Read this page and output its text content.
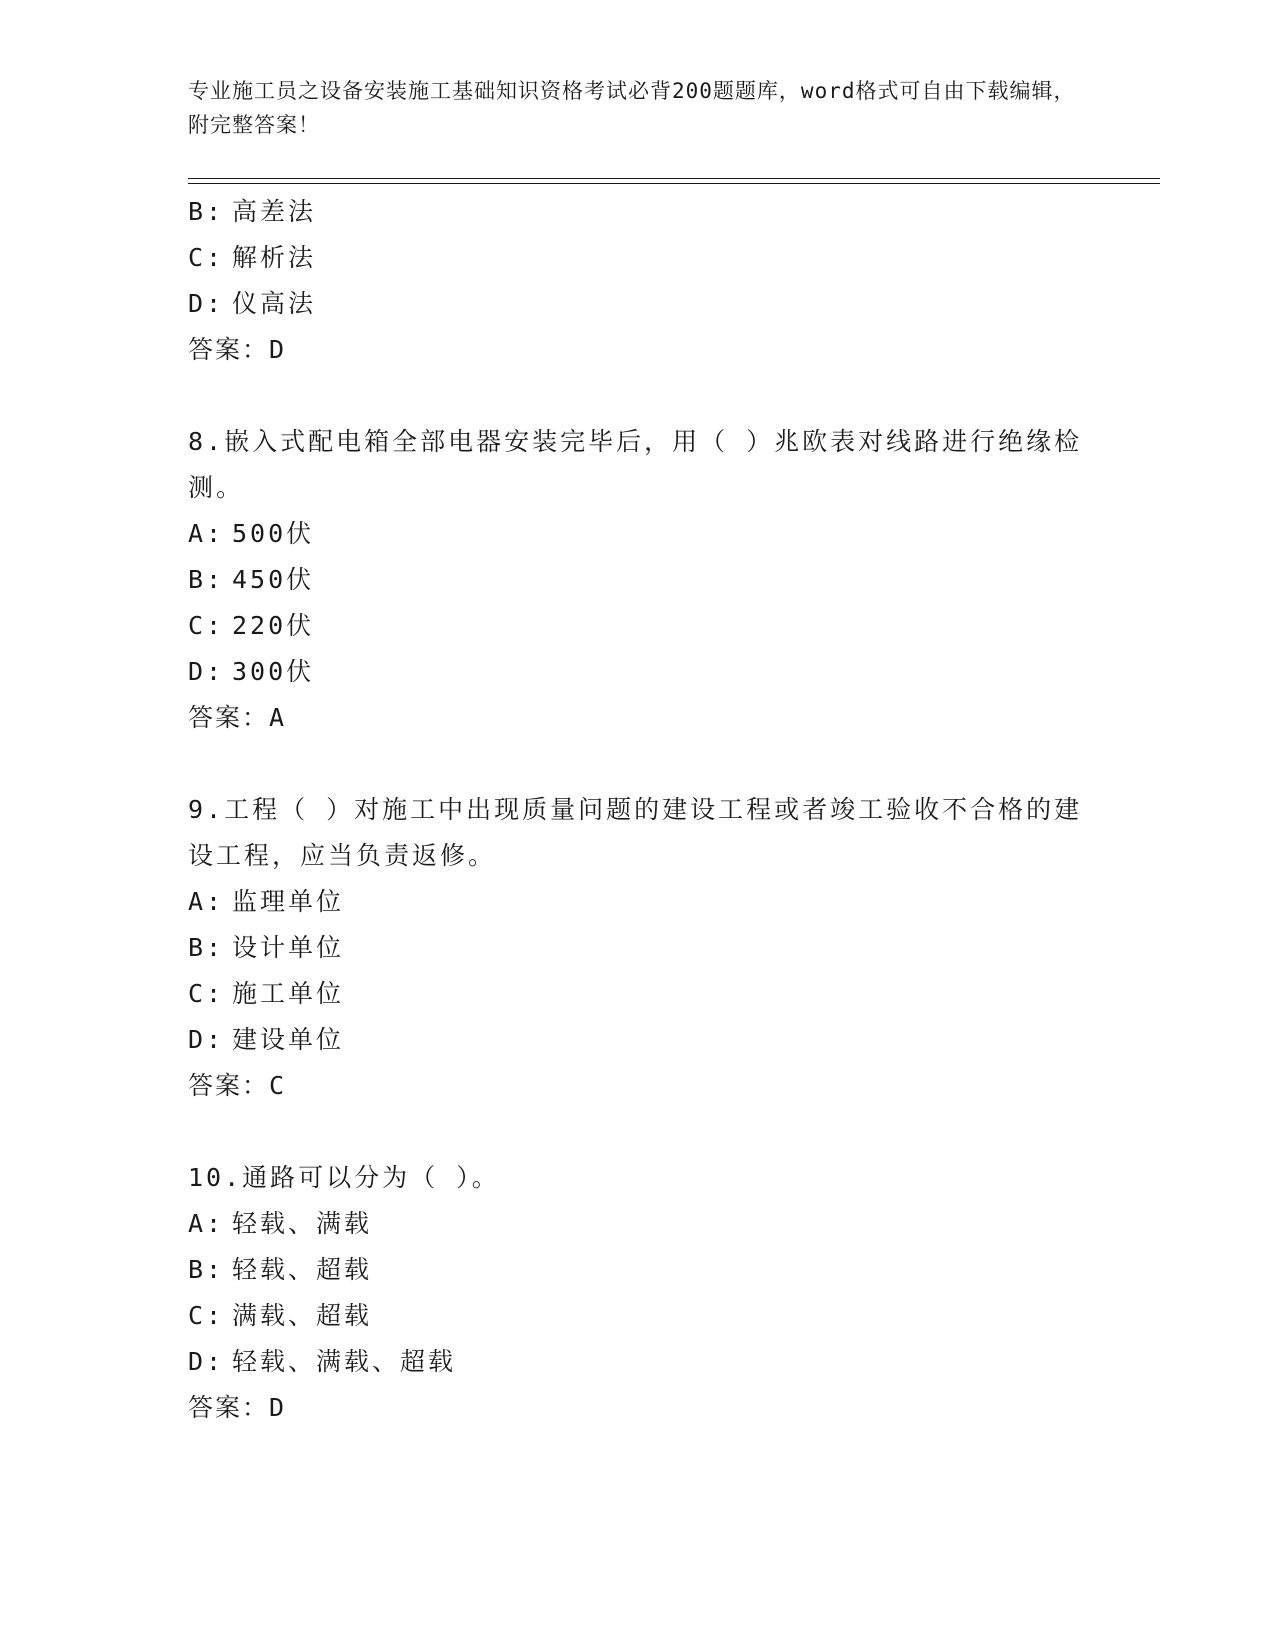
专业施工员之设备安装施工基础知识资格考试必背200题题库，word格式可自由下载编辑，附完整答案！
B: 高差法
C: 解析法
D: 仪高法
答案：D
8.嵌入式配电箱全部电器安装完毕后，用（ ）兆欧表对线路进行绝缘检测。
A: 500伏
B: 450伏
C: 220伏
D: 300伏
答案：A
9.工程（ ）对施工中出现质量问题的建设工程或者竣工验收不合格的建设工程，应当负责返修。
A: 监理单位
B: 设计单位
C: 施工单位
D: 建设单位
答案：C
10.通路可以分为（ ）。
A: 轻载、满载
B: 轻载、超载
C: 满载、超载
D: 轻载、满载、超载
答案：D
